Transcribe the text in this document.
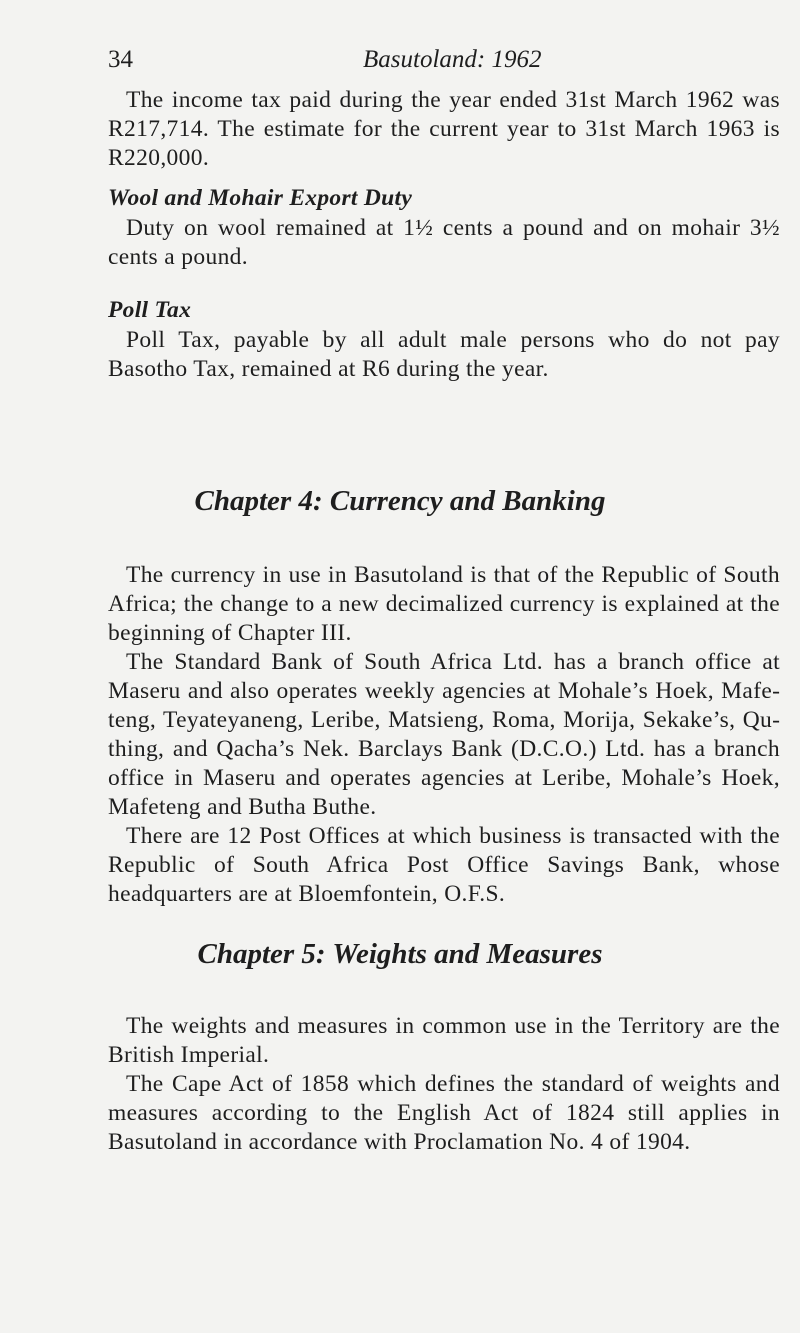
34	Basutoland: 1962

The income tax paid during the year ended 31st March 1962 was R217,714. The estimate for the current year to 31st March 1963 is R220,000.

Wool and Mohair Export Duty

Duty on wool remained at 1½ cents a pound and on mohair 3½ cents a pound.

Poll Tax

Poll Tax, payable by all adult male persons who do not pay Basotho Tax, remained at R6 during the year.

Chapter 4: Currency and Banking

The currency in use in Basutoland is that of the Republic of South Africa; the change to a new decimalized currency is explained at the beginning of Chapter III.

The Standard Bank of South Africa Ltd. has a branch office at Maseru and also operates weekly agencies at Mohale’s Hoek, Mafeteng, Teyateyaneng, Leribe, Matsieng, Roma, Morija, Sekake’s, Quthing, and Qacha’s Nek. Barclays Bank (D.C.O.) Ltd. has a branch office in Maseru and operates agencies at Leribe, Mohale’s Hoek, Mafeteng and Butha Buthe.

There are 12 Post Offices at which business is transacted with the Republic of South Africa Post Office Savings Bank, whose headquarters are at Bloemfontein, O.F.S.

Chapter 5: Weights and Measures

The weights and measures in common use in the Territory are the British Imperial.

The Cape Act of 1858 which defines the standard of weights and measures according to the English Act of 1824 still applies in Basutoland in accordance with Proclamation No. 4 of 1904.
